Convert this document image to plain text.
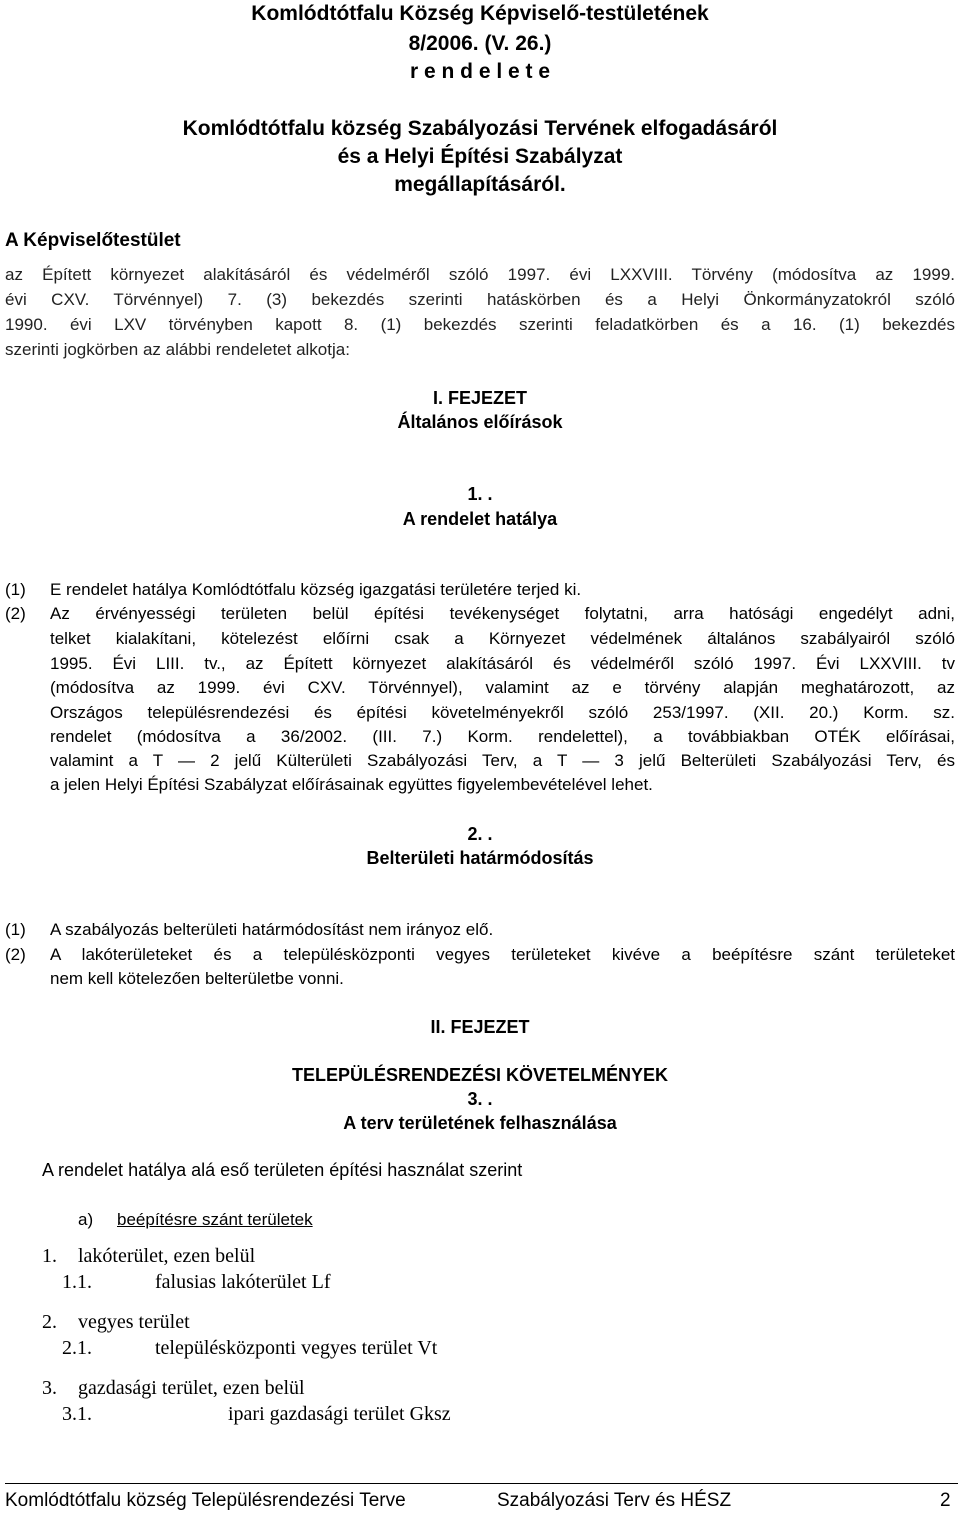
Komlódtótfalu Község Képviselő-testületének
8/2006. (V. 26.)
r e n d e l e t e
Komlódtótfalu község Szabályozási Tervének elfogadásáról
és a Helyi Építési Szabályzat
megállapításáról.
A Képviselőtestület
az Épített környezet alakításáról és védelméről szóló 1997. évi LXXVIII. Törvény (módosítva az 1999.
évi CXV. Törvénnyel) 7. (3) bekezdés szerinti hatáskörben és a Helyi Önkormányzatokról szóló
1990. évi LXV törvényben kapott 8. (1) bekezdés szerinti feladatkörben és a 16. (1) bekezdés
szerinti jogkörben az alábbi rendeletet alkotja:
I. FEJEZET
Általános előírások
1. .
A rendelet hatálya
(1) E rendelet hatálya Komlódtótfalu község igazgatási területére terjed ki.
(2) Az érvényességi területen belül építési tevékenységet folytatni, arra hatósági engedélyt adni,
telket kialakítani, kötelezést előírni csak a Környezet védelmének általános szabályairól szóló
1995. Évi LIII. tv., az Épített környezet alakításáról és védelméről szóló 1997. Évi LXXVIII. tv
(módosítva az 1999. évi CXV. Törvénnyel), valamint az e törvény alapján meghatározott, az
Országos településrendezési és építési követelményekről szóló 253/1997. (XII. 20.) Korm. sz.
rendelet (módosítva a 36/2002. (III. 7.) Korm. rendelettel), a továbbiakban OTÉK előírásai,
valamint a T — 2 jelű Külterületi Szabályozási Terv, a T — 3 jelű Belterületi Szabályozási Terv, és
a jelen Helyi Építési Szabályzat előírásainak együttes figyelembevételével lehet.
2. .
Belterületi határmódosítás
(1) A szabályozás belterületi határmódosítást nem irányoz elő.
(2) A lakóterületeket és a településközponti vegyes területeket kivéve a beépítésre szánt területeket
nem kell kötelezően belterületbe vonni.
II. FEJEZET
TELEPÜLÉSRENDEZÉSI KÖVETELMÉNYEK
3. .
A terv területének felhasználása
A rendelet hatálya alá eső területen építési használat szerint
a) beépítésre szánt területek
1. lakóterület, ezen belül
1.1.	falusias lakóterület Lf
2. vegyes terület
2.1.	településközponti vegyes terület Vt
3. gazdasági terület, ezen belül
3.1.	ipari gazdasági terület Gksz
Komlódtótfalu község Településrendezési Terve	Szabályozási Terv és HÉSZ	2
